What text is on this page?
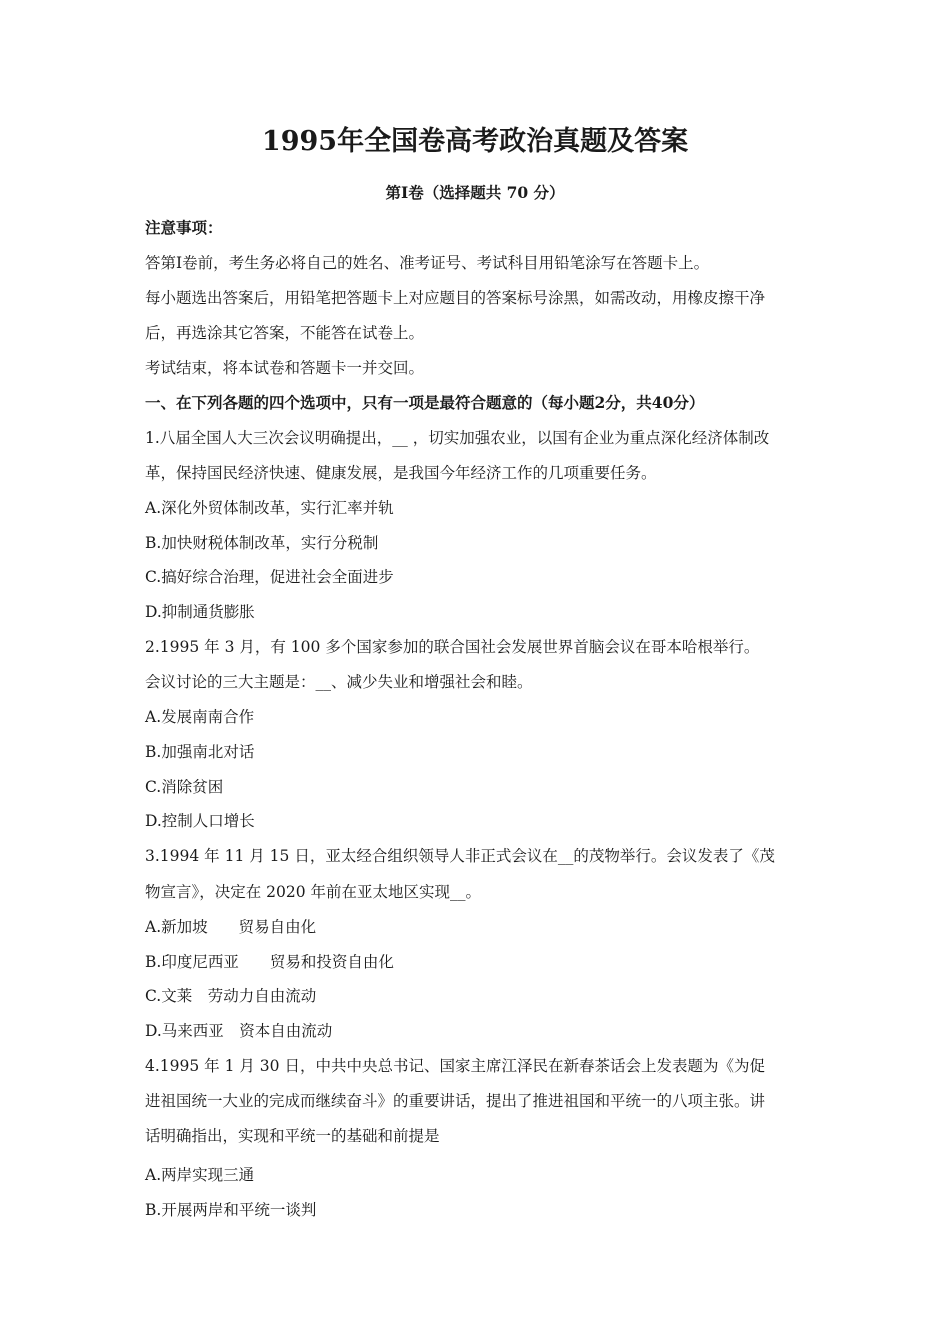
1995年全国卷高考政治真题及答案
第Ⅰ卷（选择题共 70 分）
注意事项：
答第Ⅰ卷前，考生务必将自己的姓名、准考证号、考试科目用铅笔涂写在答题卡上。
每小题选出答案后，用铅笔把答题卡上对应题目的答案标号涂黑，如需改动，用橡皮擦干净
后，再选涂其它答案，不能答在试卷上。
考试结束，将本试卷和答题卡一并交回。
一、在下列各题的四个选项中，只有一项是最符合题意的（每小题2分，共40分）
1.八届全国人大三次会议明确提出，__ ，切实加强农业，以国有企业为重点深化经济体制改
革，保持国民经济快速、健康发展，是我国今年经济工作的几项重要任务。
A.深化外贸体制改革，实行汇率并轨
B.加快财税体制改革，实行分税制
C.搞好综合治理，促进社会全面进步
D.抑制通货膨胀
2.1995 年 3 月，有 100 多个国家参加的联合国社会发展世界首脑会议在哥本哈根举行。
会议讨论的三大主题是：__、减少失业和增强社会和睦。
A.发展南南合作
B.加强南北对话
C.消除贫困
D.控制人口增长
3.1994 年 11 月 15 日，亚太经合组织领导人非正式会议在__的茂物举行。会议发表了《茂
物宣言》，决定在 2020 年前在亚太地区实现__。
A.新加坡　　贸易自由化
B.印度尼西亚　　贸易和投资自由化
C.文莱　劳动力自由流动
D.马来西亚　资本自由流动
4.1995 年 1 月 30 日，中共中央总书记、国家主席江泽民在新春茶话会上发表题为《为促
进祖国统一大业的完成而继续奋斗》的重要讲话，提出了推进祖国和平统一的八项主张。讲
话明确指出，实现和平统一的基础和前提是
A.两岸实现三通
B.开展两岸和平统一谈判
